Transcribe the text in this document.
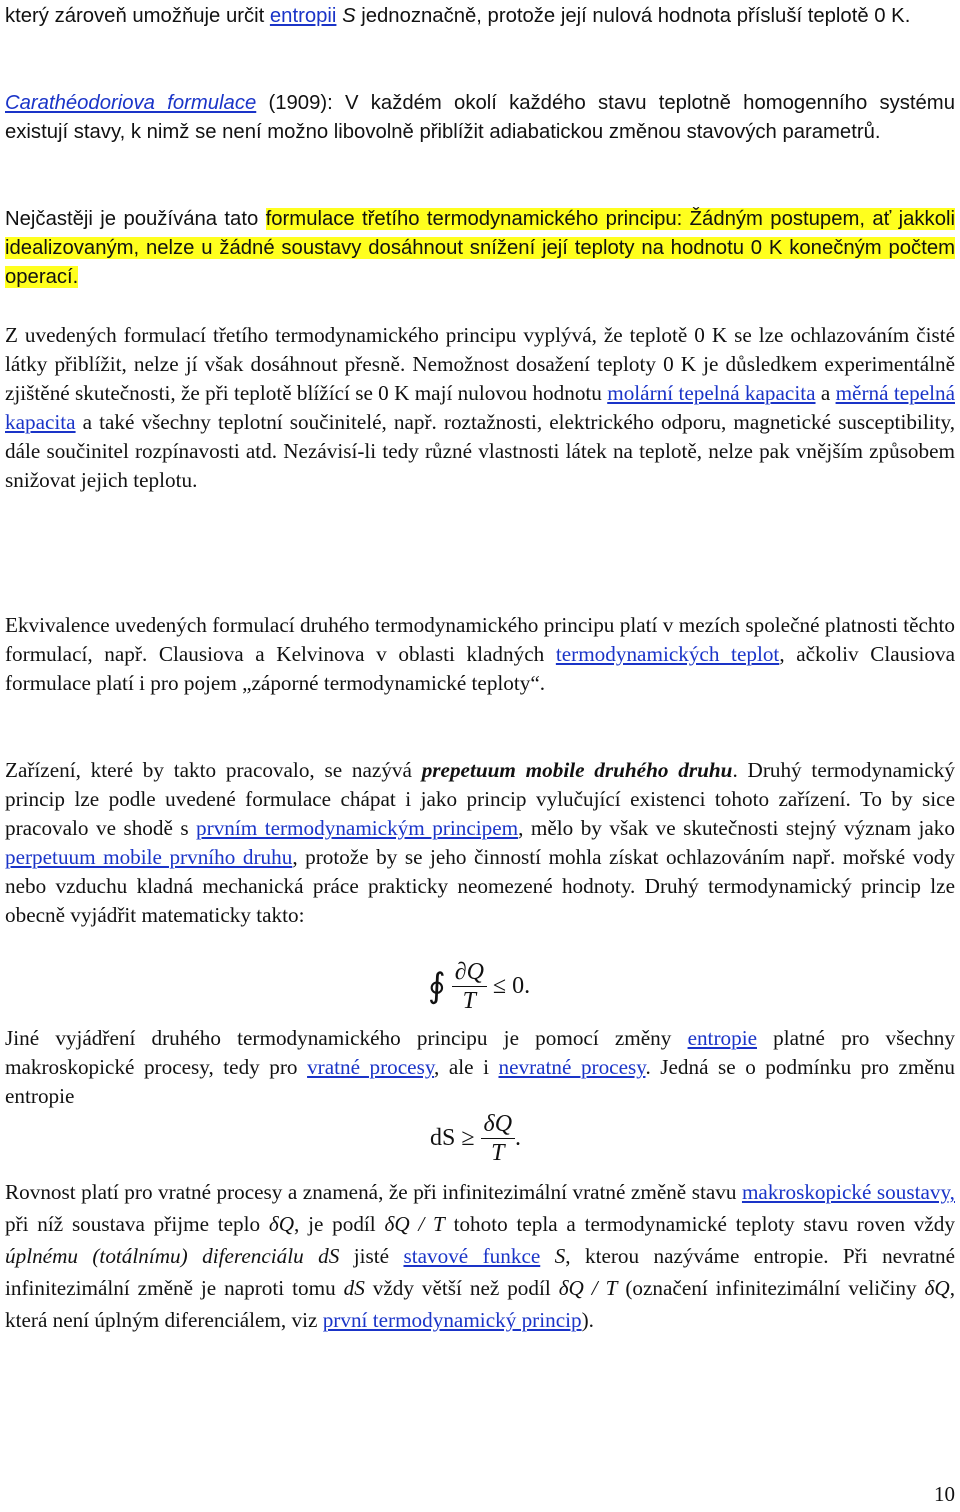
který zároveň umožňuje určit entropii S jednoznačně, protože její nulová hodnota přísluší teplotě 0 K.

Carathéodoriova formulace (1909): V každém okolí každého stavu teplotně homogenního systému existují stavy, k nimž se není možno libovolně přiblížit adiabatickou změnou stavových parametrů.

Nejčastěji je používána tato formulace třetího termodynamického principu: Žádným postupem, ať jakkoli idealizovaným, nelze u žádné soustavy dosáhnout snížení její teploty na hodnotu 0 K konečným počtem operací.

Z uvedených formulací třetího termodynamického principu vyplývá, že teplotě 0 K se lze ochlazováním čisté látky přiblížit, nelze jí však dosáhnout přesně. Nemožnost dosažení teploty 0 K je důsledkem experimentálně zjištěné skutečnosti, že při teplotě blížící se 0 K mají nulovou hodnotu molární tepelná kapacita a měrná tepelná kapacita a také všechny teplotní součinitelé, např. roztažnosti, elektrického odporu, magnetické susceptibility, dále součinitel rozpínavosti atd. Nezávisí-li tedy různé vlastnosti látek na teplotě, nelze pak vnějším způsobem snižovat jejich teplotu.

Ekvivalence uvedených formulací druhého termodynamického principu platí v mezích společné platnosti těchto formulací, např. Clausiova a Kelvinova v oblasti kladných termodynamických teplot, ačkoliv Clausiova formulace platí i pro pojem „záporné termodynamické teploty“.

Zařízení, které by takto pracovalo, se nazývá prepetuum mobile druhého druhu. Druhý termodynamický princip lze podle uvedené formulace chápat i jako princip vylučující existenci tohoto zařízení. To by sice pracovalo ve shodě s prvním termodynamickým principem, mělo by však ve skutečnosti stejný význam jako perpetuum mobile prvního druhu, protože by se jeho činností mohla získat ochlazováním např. mořské vody nebo vzduchu kladná mechanická práce prakticky neomezené hodnoty. Druhý termodynamický princip lze obecně vyjádřit matematicky takto:

∮ $\frac{\partial Q}{T} \le 0$.

Jiné vyjádření druhého termodynamického principu je pomocí změny entropie platné pro všechny makroskopické procesy, tedy pro vratné procesy, ale i nevratné procesy. Jedná se o podmínku pro změnu entropie

dS ≥ $\frac{\delta Q}{T}$ .

Rovnost platí pro vratné procesy a znamená, že při infinitezimální vratné změně stavu makroskopické soustavy, při níž soustava přijme teplo δQ, je podíl δQ / T tohoto tepla a termodynamické teploty stavu roven vždy úplnému (totálnímu) diferenciálu dS jisté stavové funkce S, kterou nazýváme entropie. Při nevratné infinitezimální změně je naproti tomu dS vždy větší než podíl δQ / T (označení infinitezimální veličiny δQ, která není úplným diferenciálem, viz první termodynamický princip).

10
